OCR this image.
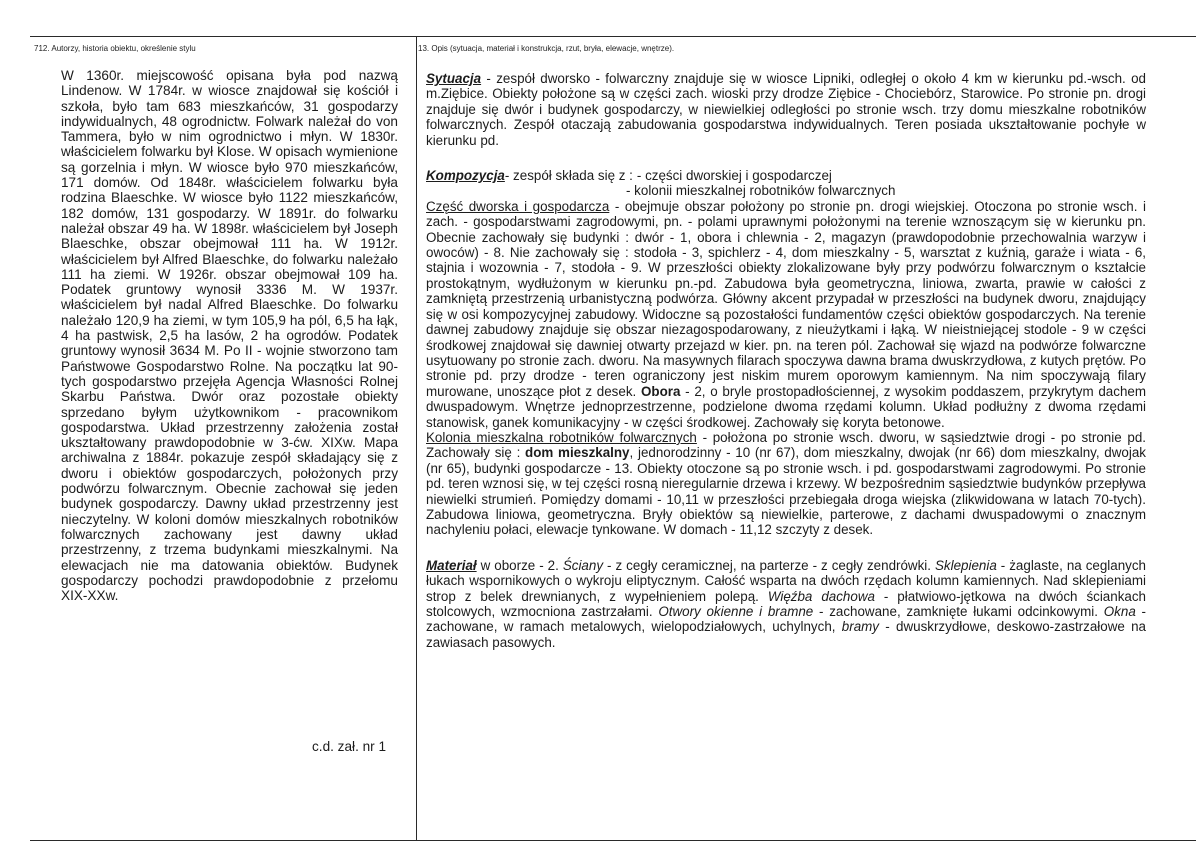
712. Autorzy, historia obiektu, określenie stylu	13. Opis (sytuacja, materiał i konstrukcja, rzut, bryła, elewacje, wnętrze).
W 1360r. miejscowość opisana była pod nazwą Lindenow. W 1784r. w wiosce znajdował się kościół i szkoła, było tam 683 mieszkańców, 31 gospodarzy indywidualnych, 48 ogrodnictw. Folwark należał do von Tammera, było w nim ogrodnictwo i młyn. W 1830r. właścicielem folwarku był Klose. W opisach wymienione są gorzelnia i młyn. W wiosce było 970 mieszkańców, 171 domów. Od 1848r. właścicielem folwarku była rodzina Blaeschke. W wiosce było 1122 mieszkańców, 182 domów, 131 gospodarzy. W 1891r. do folwarku należał obszar 49 ha. W 1898r. właścicielem był Joseph Blaeschke, obszar obejmował 111 ha. W 1912r. właścicielem był Alfred Blaeschke, do folwarku należało 111 ha ziemi. W 1926r. obszar obejmował 109 ha. Podatek gruntowy wynosił 3336 M. W 1937r. właścicielem był nadal Alfred Blaeschke. Do folwarku należało 120,9 ha ziemi, w tym 105,9 ha pól, 6,5 ha łąk, 4 ha pastwisk, 2,5 ha lasów, 2 ha ogrodów. Podatek gruntowy wynosił 3634 M. Po II - wojnie stworzono tam Państwowe Gospodarstwo Rolne. Na początku lat 90-tych gospodarstwo przejęła Agencja Własności Rolnej Skarbu Państwa. Dwór oraz pozostałe obiekty sprzedano byłym użytkownikom - pracownikom gospodarstwa. Układ przestrzenny założenia został ukształtowany prawdopodobnie w 3-ćw. XIXw. Mapa archiwalna z 1884r. pokazuje zespół składający się z dworu i obiektów gospodarczych, położonych przy podwórzu folwarcznym. Obecnie zachował się jeden budynek gospodarczy. Dawny układ przestrzenny jest nieczytelny. W koloni domów mieszkalnych robotników folwarcznych zachowany jest dawny układ przestrzenny, z trzema budynkami mieszkalnymi. Na elewacjach nie ma datowania obiektów. Budynek gospodarczy pochodzi prawdopodobnie z przełomu XIX-XXw.
c.d. zał. nr 1

Sytuacja - zespół dworsko - folwarczny znajduje się w wiosce Lipniki, odległej o około 4 km w kierunku pd.-wsch. od m.Ziębice. Obiekty położone są w części zach. wioski przy drodze Ziębice - Chociebórz, Starowice. Po stronie pn. drogi znajduje się dwór i budynek gospodarczy, w niewielkiej odległości po stronie wsch. trzy domu mieszkalne robotników folwarcznych. Zespół otaczają zabudowania gospodarstwa indywidualnych. Teren posiada ukształtowanie pochyłe w kierunku pd.

Kompozycja - zespół składa się z : - części dworskiej i gospodarczej
- kolonii mieszkalnej robotników folwarcznych

Część dworska i gospodarcza - obejmuje obszar położony po stronie pn. drogi wiejskiej. Otoczona po stronie wsch. i zach. - gospodarstwami zagrodowymi, pn. - polami uprawnymi położonymi na terenie wznoszącym się w kierunku pn. Obecnie zachowały się budynki : dwór - 1, obora i chlewnia - 2, magazyn (prawdopodobnie przechowalnia warzyw i owoców) - 8. Nie zachowały się : stodoła - 3, spichlerz - 4, dom mieszkalny - 5, warsztat z kuźnią, garaże i wiata - 6, stajnia i wozownia - 7, stodoła - 9. W przeszłości obiekty zlokalizowane były przy podwórzu folwarcznym o kształcie prostokątnym, wydłużonym w kierunku pn.-pd. Zabudowa była geometryczna, liniowa, zwarta, prawie w całości z zamkniętą przestrzenią urbanistyczną podwórza. Główny akcent przypadał w przeszłości na budynek dworu, znajdujący się w osi kompozycyjnej zabudowy. Widoczne są pozostałości fundamentów części obiektów gospodarczych. Na terenie dawnej zabudowy znajduje się obszar niezagospodarowany, z nieużytkami i łąką. W nieistniejącej stodole - 9 w części środkowej znajdował się dawniej otwarty przejazd w kier. pn. na teren pól. Zachował się wjazd na podwórze folwarczne usytuowany po stronie zach. dworu. Na masywnych filarach spoczywa dawna brama dwuskrzydłowa, z kutych prętów. Po stronie pd. przy drodze - teren ograniczony jest niskim murem oporowym kamiennym. Na nim spoczywają filary murowane, unoszące płot z desek. Obora - 2, o bryle prostopadłościennej, z wysokim poddaszem, przykrytym dachem dwuspadowym. Wnętrze jednoprzestrzenne, podzielone dwoma rzędami kolumn. Układ podłużny z dwoma rzędami stanowisk, ganek komunikacyjny - w części środkowej. Zachowały się koryta betonowe.

Kolonia mieszkalna robotników folwarcznych - położona po stronie wsch. dworu, w sąsiedztwie drogi - po stronie pd. Zachowały się : dom mieszkalny, jednorodzinny - 10 (nr 67), dom mieszkalny, dwojak (nr 66) dom mieszkalny, dwojak (nr 65), budynki gospodarcze - 13. Obiekty otoczone są po stronie wsch. i pd. gospodarstwami zagrodowymi. Po stronie pd. teren wznosi się, w tej części rosną nieregularnie drzewa i krzewy. W bezpośrednim sąsiedztwie budynków przepływa niewielki strumień. Pomiędzy domami - 10,11 w przeszłości przebiegała droga wiejska (zlikwidowana w latach 70-tych). Zabudowa liniowa, geometryczna. Bryły obiektów są niewielkie, parterowe, z dachami dwuspadowymi o znacznym nachyleniu połaci, elewacje tynkowane. W domach - 11,12 szczyty z desek.

Materiał w oborze - 2. Ściany - z cegły ceramicznej, na parterze - z cegły zendrówki. Sklepienia - żaglaste, na ceglanych łukach wspornikowych o wykroju eliptycznym. Całość wsparta na dwóch rzędach kolumn kamiennych. Nad sklepieniami strop z belek drewnianych, z wypełnieniem polepą. Więźba dachowa - płatwiowo-jętkowa na dwóch ściankach stolcowych, wzmocniona zastrzałami. Otwory okienne i bramne - zachowane, zamknięte łukami odcinkowymi. Okna - zachowane, w ramach metalowych, wielopodziałowych, uchylnych, bramy - dwuskrzydłowe, deskowo-zastrzałowe na zawiasach pasowych.
